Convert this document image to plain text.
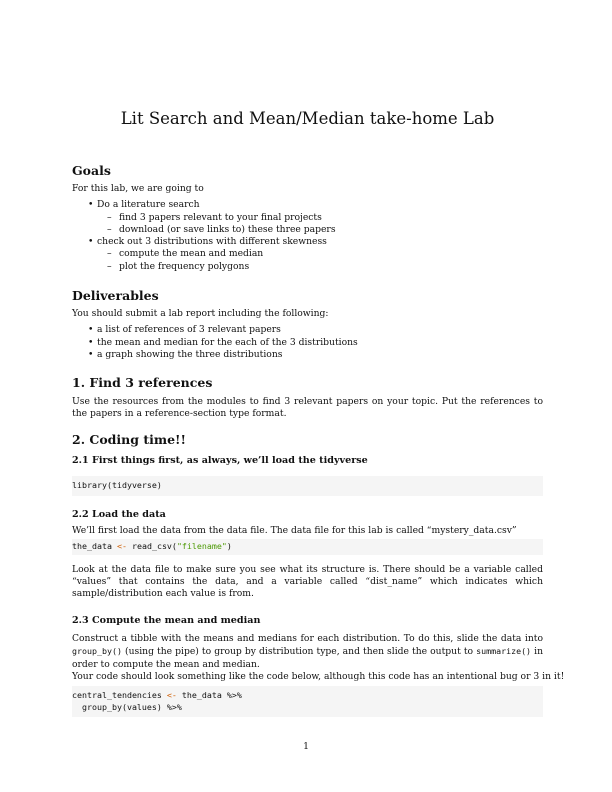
Lit Search and Mean/Median take-home Lab
Goals

For this lab, we are going to

• Do a literature search
– find 3 papers relevant to your final projects
– download (or save links to) these three papers
• check out 3 distributions with different skewness
– compute the mean and median
– plot the frequency polygons
Deliverables

You should submit a lab report including the following:

• a list of references of 3 relevant papers
• the mean and median for the each of the 3 distributions
• a graph showing the three distributions
1. Find 3 references

Use the resources from the modules to find 3 relevant papers on your topic. Put the references to the papers in a reference-section type format.

2. Coding time!!
2.1 First things first, as always, we’ll load the tidyverse
library(tidyverse)
2.2 Load the data

We’ll first load the data from the data file. The data file for this lab is called “mystery_data.csv”

the_data <- read_csv("filename")

Look at the data file to make sure you see what its structure is. There should be a variable called “values” that contains the data, and a variable called “dist_name” which indicates which sample/distribution each value is from.

2.3 Compute the mean and median

Construct a tibble with the means and medians for each distribution. To do this, slide the data into group_by() (using the pipe) to group by distribution type, and then slide the output to summarize() in order to compute the mean and median.

Your code should look something like the code below, although this code has an intentional bug or 3 in it!

central_tendencies <- the_data %>%
group_by(values) %>%
1
